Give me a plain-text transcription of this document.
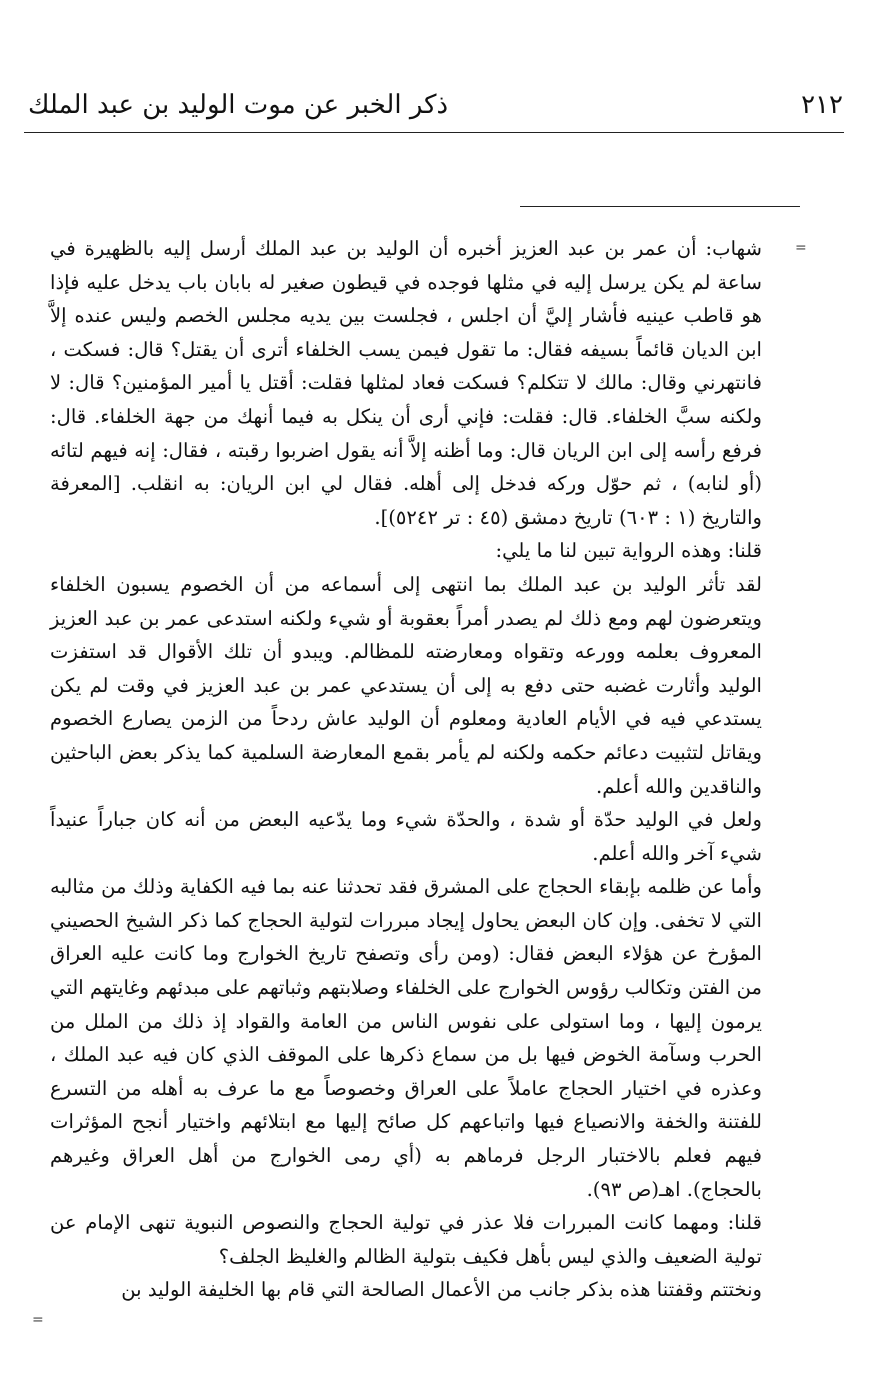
٢١٢
ذكر الخبر عن موت الوليد بن عبد الملك
=

شهاب: أن عمر بن عبد العزيز أخبره أن الوليد بن عبد الملك أرسل إليه بالظهيرة في ساعة لم يكن يرسل إليه في مثلها فوجده في قيطون صغير له بابان باب يدخل عليه فإذا هو قاطب عينيه فأشار إليَّ أن اجلس ، فجلست بين يديه مجلس الخصم وليس عنده إلاَّ ابن الديان قائماً بسيفه فقال: ما تقول فيمن يسب الخلفاء أترى أن يقتل؟ قال: فسكت ، فانتهرني وقال: مالك لا تتكلم؟ فسكت فعاد لمثلها فقلت: أقتل يا أمير المؤمنين؟ قال: لا ولكنه سبَّ الخلفاء. قال: فقلت: فإني أرى أن ينكل به فيما أنهك من جهة الخلفاء. قال: فرفع رأسه إلى ابن الريان قال: وما أظنه إلاَّ أنه يقول اضربوا رقبته ، فقال: إنه فيهم لتائه (أو لنابه) ، ثم حوّل وركه فدخل إلى أهله. فقال لي ابن الريان: به انقلب. [المعرفة والتاريخ (١ : ٦٠٣) تاريخ دمشق (٤٥ : تر ٥٢٤٢)].

قلنا: وهذه الرواية تبين لنا ما يلي:

لقد تأثر الوليد بن عبد الملك بما انتهى إلى أسماعه من أن الخصوم يسبون الخلفاء ويتعرضون لهم ومع ذلك لم يصدر أمراً بعقوبة أو شيء ولكنه استدعى عمر بن عبد العزيز المعروف بعلمه وورعه وتقواه ومعارضته للمظالم. ويبدو أن تلك الأقوال قد استفزت الوليد وأثارت غضبه حتى دفع به إلى أن يستدعي عمر بن عبد العزيز في وقت لم يكن يستدعي فيه في الأيام العادية ومعلوم أن الوليد عاش ردحاً من الزمن يصارع الخصوم ويقاتل لتثبيت دعائم حكمه ولكنه لم يأمر بقمع المعارضة السلمية كما يذكر بعض الباحثين والناقدين والله أعلم.

ولعل في الوليد حدّة أو شدة ، والحدّة شيء وما يدّعيه البعض من أنه كان جباراً عنيداً شيء آخر والله أعلم.

وأما عن ظلمه بإبقاء الحجاج على المشرق فقد تحدثنا عنه بما فيه الكفاية وذلك من مثالبه التي لا تخفى. وإن كان البعض يحاول إيجاد مبررات لتولية الحجاج كما ذكر الشيخ الحصيني المؤرخ عن هؤلاء البعض فقال: (ومن رأى وتصفح تاريخ الخوارج وما كانت عليه العراق من الفتن وتكالب رؤوس الخوارج على الخلفاء وصلابتهم وثباتهم على مبدئهم وغايتهم التي يرمون إليها ، وما استولى على نفوس الناس من العامة والقواد إذ ذلك من الملل من الحرب وسآمة الخوض فيها بل من سماع ذكرها على الموقف الذي كان فيه عبد الملك ، وعذره في اختيار الحجاج عاملاً على العراق وخصوصاً مع ما عرف به أهله من التسرع للفتنة والخفة والانصياع فيها واتباعهم كل صائح إليها مع ابتلائهم واختيار أنجح المؤثرات فيهم فعلم بالاختبار الرجل فرماهم به (أي رمى الخوارج من أهل العراق وغيرهم بالحجاج). اهـ(ص ٩٣).

قلنا: ومهما كانت المبررات فلا عذر في تولية الحجاج والنصوص النبوية تنهى الإمام عن تولية الضعيف والذي ليس بأهل فكيف بتولية الظالم والغليظ الجلف؟

ونختتم وقفتنا هذه بذكر جانب من الأعمال الصالحة التي قام بها الخليفة الوليد بن

=
